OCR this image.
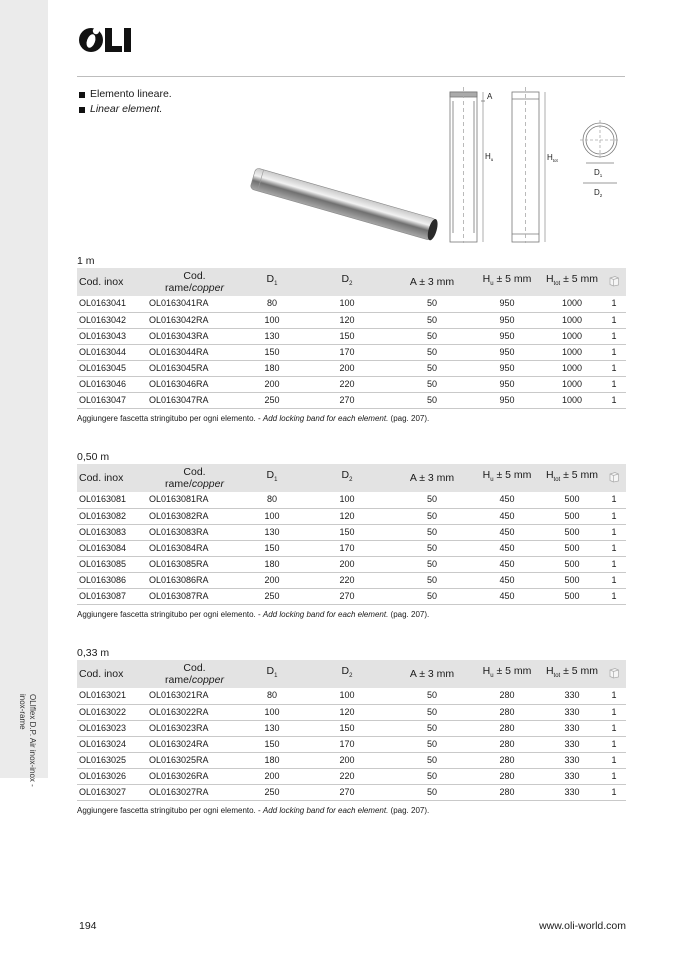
OLIflex D.P. Air inox-inox - inox-rame
Elemento lineare.
Linear element.
A
$H_u$	$H_{tot}$
$D_1$
$D_2$
1 m
Cod. inox	Cod.
rame/copper	$D_1$	$D_2$	A ± 3 mm	$H_u \pm 5$ mm	$H_{tot} \pm 5$ mm	
OL0163041	OL0163041RA	80	100	50	950	1000	1
OL0163042	OL0163042RA	100	120	50	950	1000	1
OL0163043	OL0163043RA	130	150	50	950	1000	1
OL0163044	OL0163044RA	150	170	50	950	1000	1
OL0163045	OL0163045RA	180	200	50	950	1000	1
OL0163046	OL0163046RA	200	220	50	950	1000	1
OL0163047	OL0163047RA	250	270	50	950	1000	1
Aggiungere fascetta stringitubo per ogni elemento. - Add locking band for each element. (pag. 207).
0,50 m
Cod. inox	Cod.
rame/copper	$D_1$	$D_2$	A ± 3 mm	$H_u \pm 5$ mm	$H_{tot} \pm 5$ mm	
OL0163081	OL0163081RA	80	100	50	450	500	1
OL0163082	OL0163082RA	100	120	50	450	500	1
OL0163083	OL0163083RA	130	150	50	450	500	1
OL0163084	OL0163084RA	150	170	50	450	500	1
OL0163085	OL0163085RA	180	200	50	450	500	1
OL0163086	OL0163086RA	200	220	50	450	500	1
OL0163087	OL0163087RA	250	270	50	450	500	1
Aggiungere fascetta stringitubo per ogni elemento. - Add locking band for each element. (pag. 207).
0,33 m
Cod. inox	Cod.
rame/copper	$D_1$	$D_2$	A ± 3 mm	$H_u \pm 5$ mm	$H_{tot} \pm 5$ mm	
OL0163021	OL0163021RA	80	100	50	280	330	1
OL0163022	OL0163022RA	100	120	50	280	330	1
OL0163023	OL0163023RA	130	150	50	280	330	1
OL0163024	OL0163024RA	150	170	50	280	330	1
OL0163025	OL0163025RA	180	200	50	280	330	1
OL0163026	OL0163026RA	200	220	50	280	330	1
OL0163027	OL0163027RA	250	270	50	280	330	1
Aggiungere fascetta stringitubo per ogni elemento. - Add locking band for each element. (pag. 207).
194	www.oli-world.com
